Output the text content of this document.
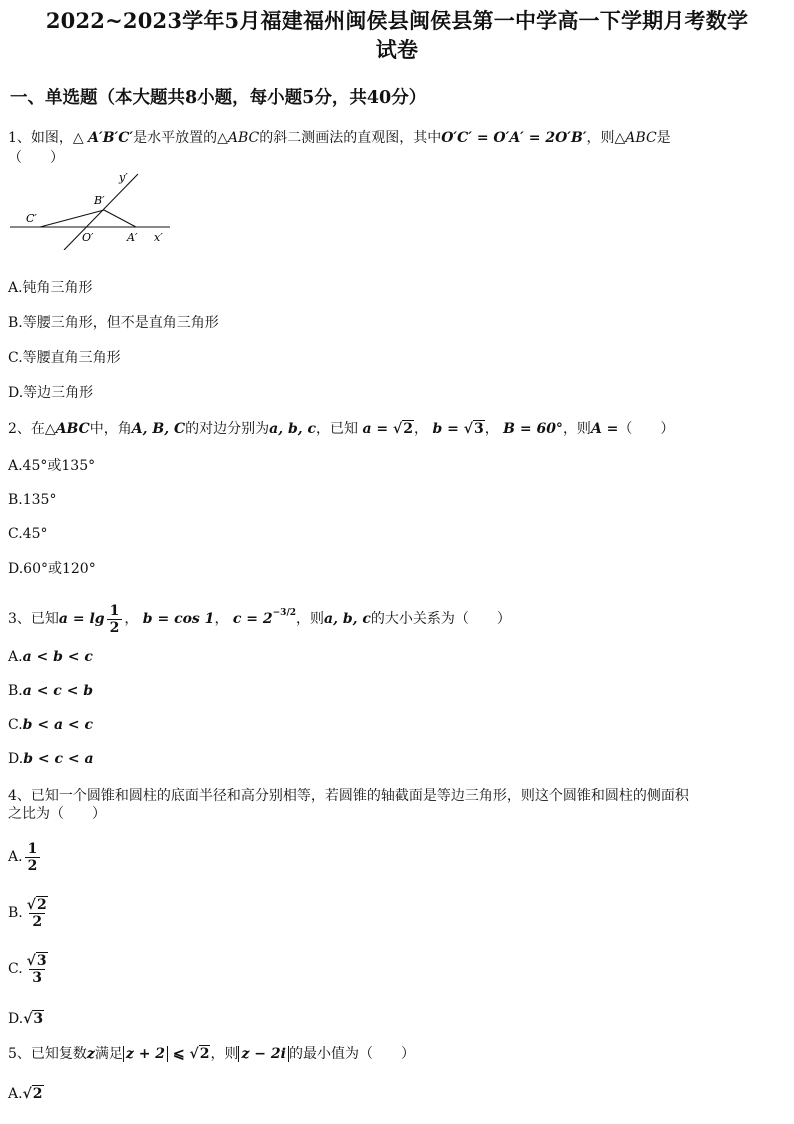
2022~2023学年5月福建福州闽侯县闽侯县第一中学高一下学期月考数学
试卷
一、单选题（本大题共8小题，每小题5分，共40分）
1、如图，△ A′B′C′是水平放置的△ABC的斜二测画法的直观图，其中O′C′ = O′A′ = 2O′B′，则△ABC是
（　　）
y′
B′
C′
O′	A′ x′
A.钝角三角形
B.等腰三角形，但不是直角三角形
C.等腰直角三角形
D.等边三角形
2、在△ABC中，角A, B, C的对边分别为a, b, c，已知 a = √2， b = √3， B = 60°，则A =（　　）
A.45°或135°
B.135°
C.45°
D.60°或120°
3、已知$a = \lg \frac{1}{2}$ ， b = cos 1， $c = 2^{-3/2}$，则a, b, c的大小关系为（　　）
A.a < b < c
B.a < c < b
C.b < a < c
D.b < c < a
4、已知一个圆锥和圆柱的底面半径和高分别相等，若圆锥的轴截面是等边三角形，则这个圆锥和圆柱的侧面积
之比为（　　）
A. $\frac{1}{2}$
B. $\frac{√2}{2}$
C. $\frac{√3}{3}$
D.√3
5、已知复数z满足 z + 2 ⩽ √2，则 z − 2i 的最小值为（　　）
A.√2
